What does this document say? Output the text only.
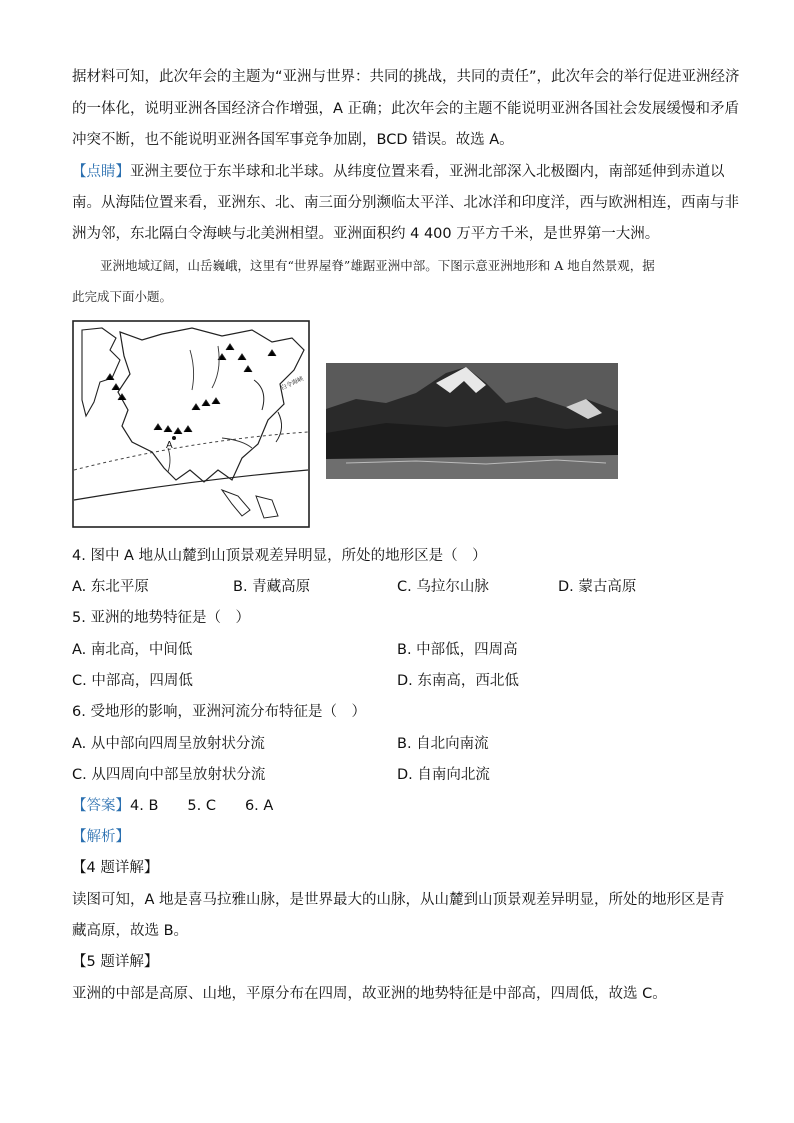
据材料可知，此次年会的主题为“亚洲与世界：共同的挑战，共同的责任”，此次年会的举行促进亚洲经济
的一体化，说明亚洲各国经济合作增强，A 正确；此次年会的主题不能说明亚洲各国社会发展缓慢和矛盾
冲突不断，也不能说明亚洲各国军事竞争加剧，BCD 错误。故选 A。
【点睛】亚洲主要位于东半球和北半球。从纬度位置来看，亚洲北部深入北极圈内，南部延伸到赤道以
南。从海陆位置来看，亚洲东、北、南三面分别濒临太平洋、北冰洋和印度洋，西与欧洲相连，西南与非
洲为邻，东北隔白令海峡与北美洲相望。亚洲面积约 4 400 万平方千米，是世界第一大洲。
亚洲地域辽阔，山岳巍峨，这里有“世界屋脊”雄踞亚洲中部。下图示意亚洲地形和 A 地自然景观，据
此完成下面小题。
A
白令海峡
4. 图中 A 地从山麓到山顶景观差异明显，所处的地形区是（　）
A. 东北平原	B. 青藏高原	C. 乌拉尔山脉	D. 蒙古高原
5. 亚洲的地势特征是（　）
A. 南北高，中间低	B. 中部低，四周高
C. 中部高，四周低	D. 东南高，西北低
6. 受地形的影响，亚洲河流分布特征是（　）
A. 从中部向四周呈放射状分流	B. 自北向南流
C. 从四周向中部呈放射状分流	D. 自南向北流
【答案】4. B　　5. C　　6. A
【解析】
【4 题详解】
读图可知，A 地是喜马拉雅山脉，是世界最大的山脉，从山麓到山顶景观差异明显，所处的地形区是青
藏高原，故选 B。
【5 题详解】
亚洲的中部是高原、山地，平原分布在四周，故亚洲的地势特征是中部高，四周低，故选 C。
